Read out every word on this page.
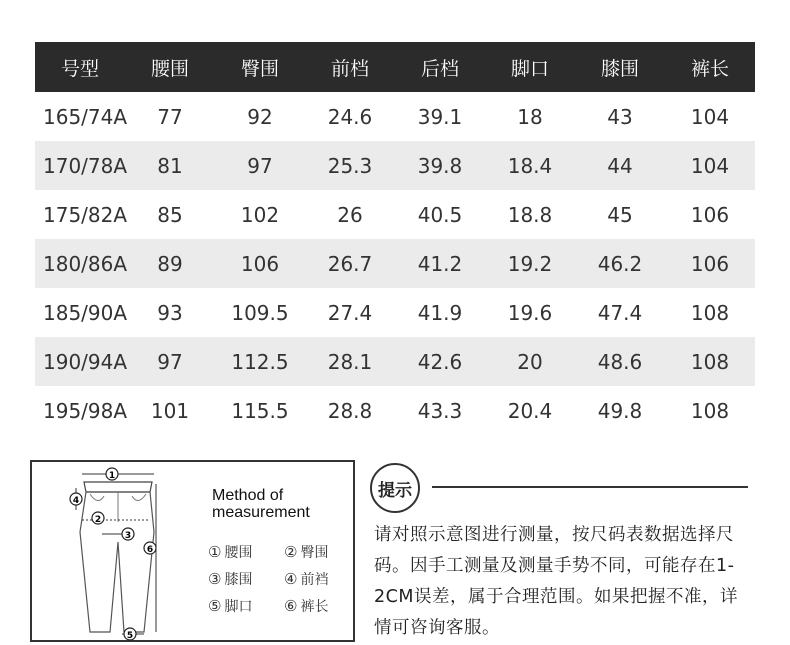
号型	腰围	臀围	前档	后档	脚口	膝围	裤长
165/74A	77	92	24.6	39.1	18	43	104
170/78A	81	97	25.3	39.8	18.4	44	104
175/82A	85	102	26	40.5	18.8	45	106
180/86A	89	106	26.7	41.2	19.2	46.2	106
185/90A	93	109.5	27.4	41.9	19.6	47.4	108
190/94A	97	112.5	28.1	42.6	20	48.6	108
195/98A	101	115.5	28.8	43.3	20.4	49.8	108
1
4
2
3
6
5
Method of
measurement
① 腰围	② 臀围
③ 膝围	④ 前裆
⑤ 脚口	⑥ 裤长
提示
请对照示意图进行测量，按尺码表数据选择尺码。因手工测量及测量手势不同，可能存在1-2CM误差，属于合理范围。如果把握不准，详情可咨询客服。
